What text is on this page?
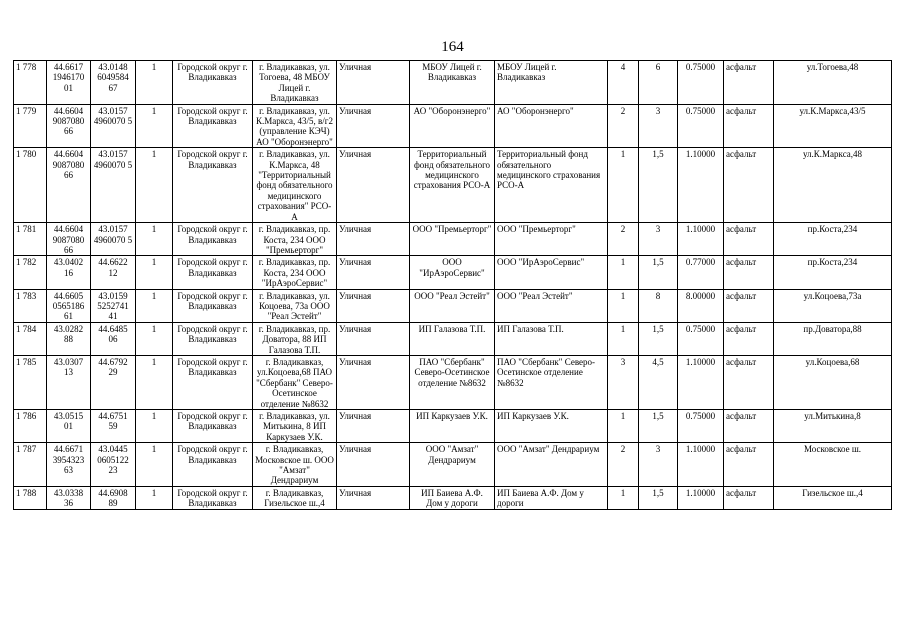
164
1 778	44.6617 1946170 01	43.0148 6049584 67	1	Городской округ г. Владикавказ	г. Владикавказ, ул. Тогоева, 48 МБОУ Лицей г. Владикавказ	Уличная	МБОУ Лицей г. Владикавказ	МБОУ Лицей г. Владикавказ	4	6	0.75000	асфальт	ул.Тогоева,48
1 779	44.6604 9087080 66	43.0157 4960070 5	1	Городской округ г. Владикавказ	г. Владикавказ, ул. К.Маркса, 43/5, в/г2 (управление КЭЧ) АО "Оборонэнерго"	Уличная	АО "Оборонэнерго"	АО "Оборонэнерго"	2	3	0.75000	асфальт	ул.К.Маркса,43/5
1 780	44.6604 9087080 66	43.0157 4960070 5	1	Городской округ г. Владикавказ	г. Владикавказ, ул. К.Маркса, 48 "Территориальный фонд обязательного медицинского страхования" РСО-А	Уличная	Территориальный фонд обязательного медицинского страхования РСО-А	Территориальный фонд обязательного медицинского страхования РСО-А	1	1,5	1.10000	асфальт	ул.К.Маркса,48
1 781	44.6604 9087080 66	43.0157 4960070 5	1	Городской округ г. Владикавказ	г. Владикавказ, пр. Коста, 234 ООО "Премьерторг"	Уличная	ООО "Премьерторг"	ООО "Премьерторг"	2	3	1.10000	асфальт	пр.Коста,234
1 782	43.0402 16	44.6622 12	1	Городской округ г. Владикавказ	г. Владикавказ, пр. Коста, 234 ООО "ИрАэроСервис"	Уличная	ООО "ИрАэроСервис"	ООО "ИрАэроСервис"	1	1,5	0.77000	асфальт	пр.Коста,234
1 783	44.6605 0565186 61	43.0159 5252741 41	1	Городской округ г. Владикавказ	г. Владикавказ, ул. Коцоева, 73а ООО "Реал Эстейт"	Уличная	ООО "Реал Эстейт"	ООО "Реал Эстейт"	1	8	8.00000	асфальт	ул.Коцоева,73а
1 784	43.0282 88	44.6485 06	1	Городской округ г. Владикавказ	г. Владикавказ, пр. Доватора, 88 ИП Галазова Т.П.	Уличная	ИП Галазова Т.П.	ИП Галазова Т.П.	1	1,5	0.75000	асфальт	пр.Доватора,88
1 785	43.0307 13	44.6792 29	1	Городской округ г. Владикавказ	г. Владикавказ, ул.Коцоева,68 ПАО "Сбербанк" Северо-Осетинское отделение №8632	Уличная	ПАО "Сбербанк" Северо-Осетинское отделение №8632	ПАО "Сбербанк" Северо-Осетинское отделение №8632	3	4,5	1.10000	асфальт	ул.Коцоева,68
1 786	43.0515 01	44.6751 59	1	Городской округ г. Владикавказ	г. Владикавказ, ул. Митькина, 8 ИП Каркузаев У.К.	Уличная	ИП Каркузаев У.К.	ИП Каркузаев У.К.	1	1,5	0.75000	асфальт	ул.Митькина,8
1 787	44.6671 3954323 63	43.0445 0605122 23	1	Городской округ г. Владикавказ	г. Владикавказ, Московское ш. ООО "Амзат" Дендрариум	Уличная	ООО "Амзат" Дендрариум	ООО "Амзат" Дендрариум	2	3	1.10000	асфальт	Московское ш.
1 788	43.0338 36	44.6908 89	1	Городской округ г. Владикавказ	г. Владикавказ, Гизельское ш.,4	Уличная	ИП Баиева А.Ф. Дом у дороги	ИП Баиева А.Ф. Дом у дороги	1	1,5	1.10000	асфальт	Гизельское ш.,4
